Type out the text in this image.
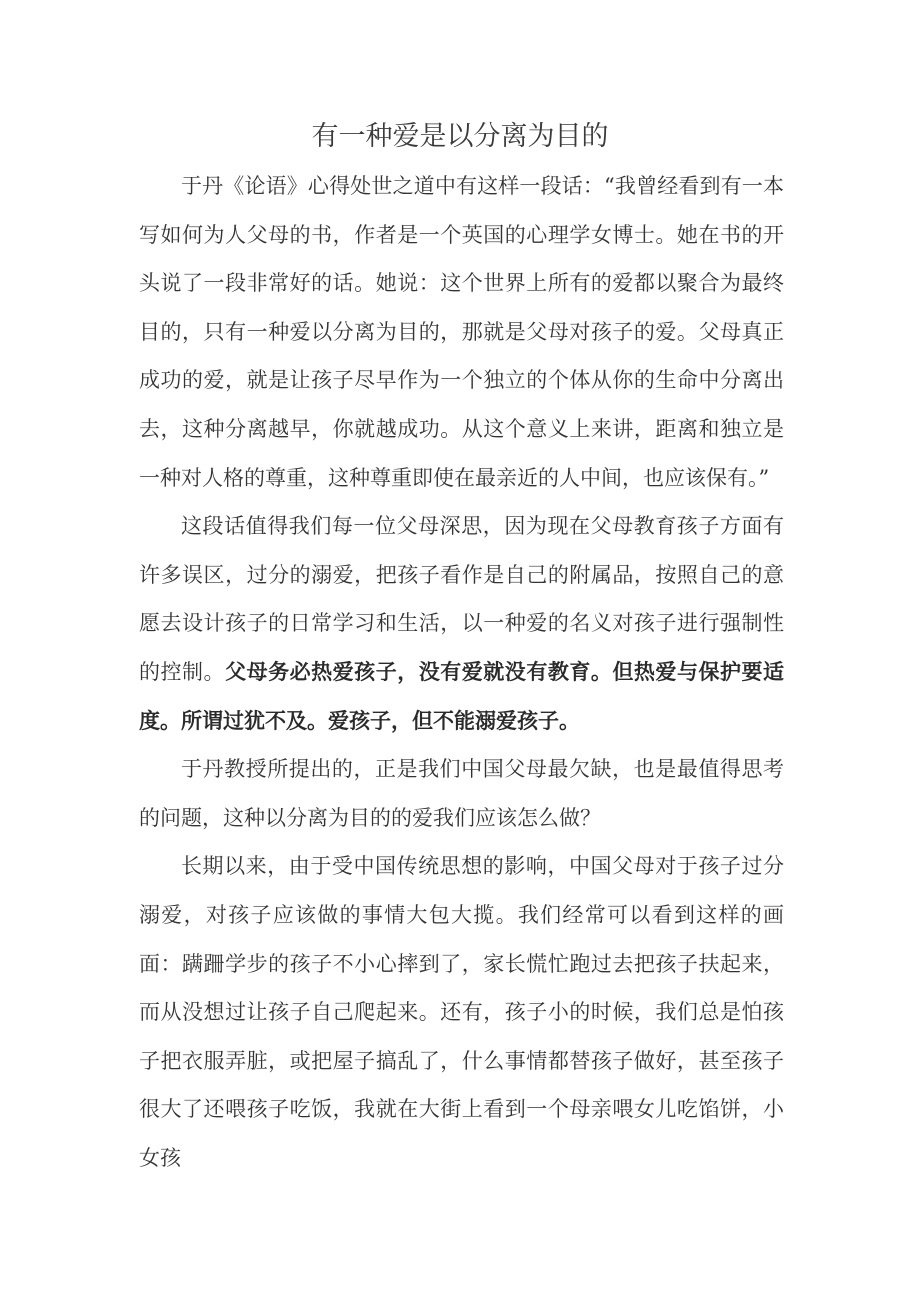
有一种爱是以分离为目的

于丹《论语》心得处世之道中有这样一段话：“我曾经看到有一本写如何为人父母的书，作者是一个英国的心理学女博士。她在书的开头说了一段非常好的话。她说：这个世界上所有的爱都以聚合为最终目的，只有一种爱以分离为目的，那就是父母对孩子的爱。父母真正成功的爱，就是让孩子尽早作为一个独立的个体从你的生命中分离出去，这种分离越早，你就越成功。从这个意义上来讲，距离和独立是一种对人格的尊重，这种尊重即使在最亲近的人中间，也应该保有。”

这段话值得我们每一位父母深思，因为现在父母教育孩子方面有许多误区，过分的溺爱，把孩子看作是自己的附属品，按照自己的意愿去设计孩子的日常学习和生活，以一种爱的名义对孩子进行强制性的控制。父母务必热爱孩子，没有爱就没有教育。但热爱与保护要适度。所谓过犹不及。爱孩子，但不能溺爱孩子。

于丹教授所提出的，正是我们中国父母最欠缺，也是最值得思考的问题，这种以分离为目的的爱我们应该怎么做？

长期以来，由于受中国传统思想的影响，中国父母对于孩子过分溺爱，对孩子应该做的事情大包大揽。我们经常可以看到这样的画面：蹒跚学步的孩子不小心摔到了，家长慌忙跑过去把孩子扶起来，而从没想过让孩子自己爬起来。还有，孩子小的时候，我们总是怕孩子把衣服弄脏，或把屋子搞乱了，什么事情都替孩子做好，甚至孩子很大了还喂孩子吃饭，我就在大街上看到一个母亲喂女儿吃馅饼，小女孩
